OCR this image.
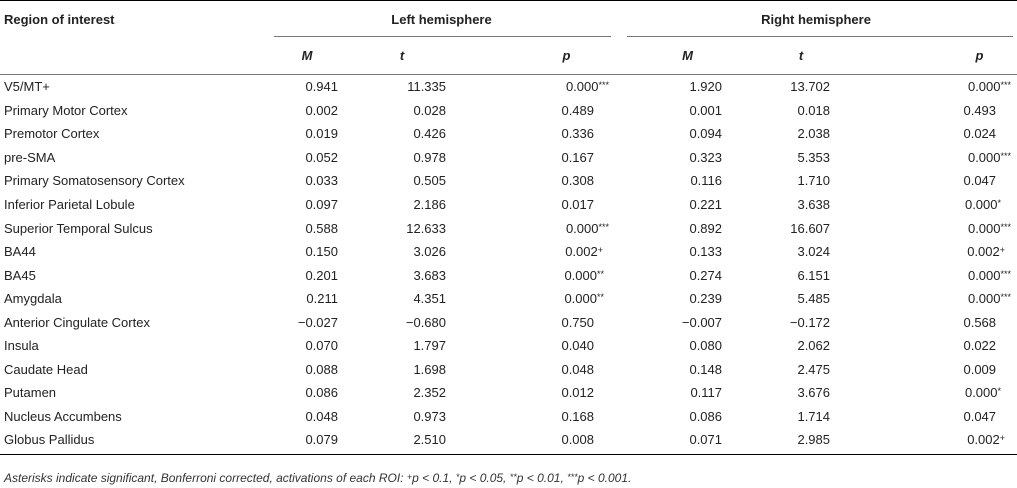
Region of interest	Left hemisphere			Right hemisphere		

	M	t	p	M	t	p
V5/MT+	0.941	11.335	0.000***	1.920	13.702	0.000***
Primary Motor Cortex	0.002	0.028	0.489	0.001	0.018	0.493
Premotor Cortex	0.019	0.426	0.336	0.094	2.038	0.024
pre-SMA	0.052	0.978	0.167	0.323	5.353	0.000***
Primary Somatosensory Cortex	0.033	0.505	0.308	0.116	1.710	0.047
Inferior Parietal Lobule	0.097	2.186	0.017	0.221	3.638	0.000*
Superior Temporal Sulcus	0.588	12.633	0.000***	0.892	16.607	0.000***
BA44	0.150	3.026	0.002+	0.133	3.024	0.002+
BA45	0.201	3.683	0.000**	0.274	6.151	0.000***
Amygdala	0.211	4.351	0.000**	0.239	5.485	0.000***
Anterior Cingulate Cortex	−0.027	−0.680	0.750	−0.007	−0.172	0.568
Insula	0.070	1.797	0.040	0.080	2.062	0.022
Caudate Head	0.088	1.698	0.048	0.148	2.475	0.009
Putamen	0.086	2.352	0.012	0.117	3.676	0.000*
Nucleus Accumbens	0.048	0.973	0.168	0.086	1.714	0.047
Globus Pallidus	0.079	2.510	0.008	0.071	2.985	0.002+
Asterisks indicate significant, Bonferroni corrected, activations of each ROI: +p < 0.1, *p < 0.05, **p < 0.01, ***p < 0.001.
